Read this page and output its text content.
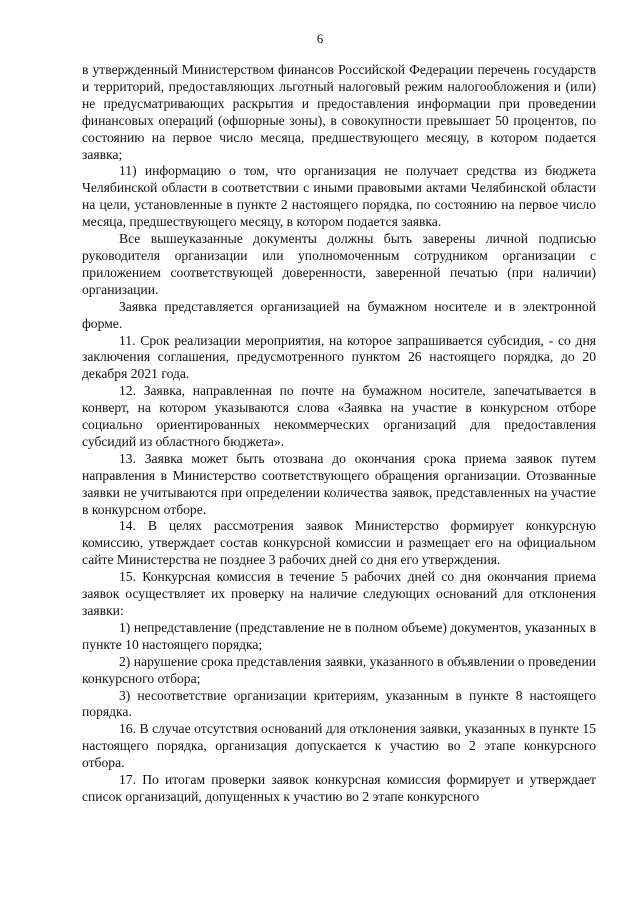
6

в утвержденный Министерством финансов Российской Федерации перечень государств и территорий, предоставляющих льготный налоговый режим налогообложения и (или) не предусматривающих раскрытия и предоставления информации при проведении финансовых операций (офшорные зоны), в совокупности превышает 50 процентов, по состоянию на первое число месяца, предшествующего месяцу, в котором подается заявка;

11) информацию о том, что организация не получает средства из бюджета Челябинской области в соответствии с иными правовыми актами Челябинской области на цели, установленные в пункте 2 настоящего порядка, по состоянию на первое число месяца, предшествующего месяцу, в котором подается заявка.

Все вышеуказанные документы должны быть заверены личной подписью руководителя организации или уполномоченным сотрудником организации с приложением соответствующей доверенности, заверенной печатью (при наличии) организации.

Заявка представляется организацией на бумажном носителе и в электронной форме.

11. Срок реализации мероприятия, на которое запрашивается субсидия, - со дня заключения соглашения, предусмотренного пунктом 26 настоящего порядка, до 20 декабря 2021 года.

12. Заявка, направленная по почте на бумажном носителе, запечатывается в конверт, на котором указываются слова «Заявка на участие в конкурсном отборе социально ориентированных некоммерческих организаций для предоставления субсидий из областного бюджета».

13. Заявка может быть отозвана до окончания срока приема заявок путем направления в Министерство соответствующего обращения организации. Отозванные заявки не учитываются при определении количества заявок, представленных на участие в конкурсном отборе.

14. В целях рассмотрения заявок Министерство формирует конкурсную комиссию, утверждает состав конкурсной комиссии и размещает его на официальном сайте Министерства не позднее 3 рабочих дней со дня его утверждения.

15. Конкурсная комиссия в течение 5 рабочих дней со дня окончания приема заявок осуществляет их проверку на наличие следующих оснований для отклонения заявки:

1) непредставление (представление не в полном объеме) документов, указанных в пункте 10 настоящего порядка;

2) нарушение срока представления заявки, указанного в объявлении о проведении конкурсного отбора;

3) несоответствие организации критериям, указанным в пункте 8 настоящего порядка.

16. В случае отсутствия оснований для отклонения заявки, указанных в пункте 15 настоящего порядка, организация допускается к участию во 2 этапе конкурсного отбора.

17. По итогам проверки заявок конкурсная комиссия формирует и утверждает список организаций, допущенных к участию во 2 этапе конкурсного
